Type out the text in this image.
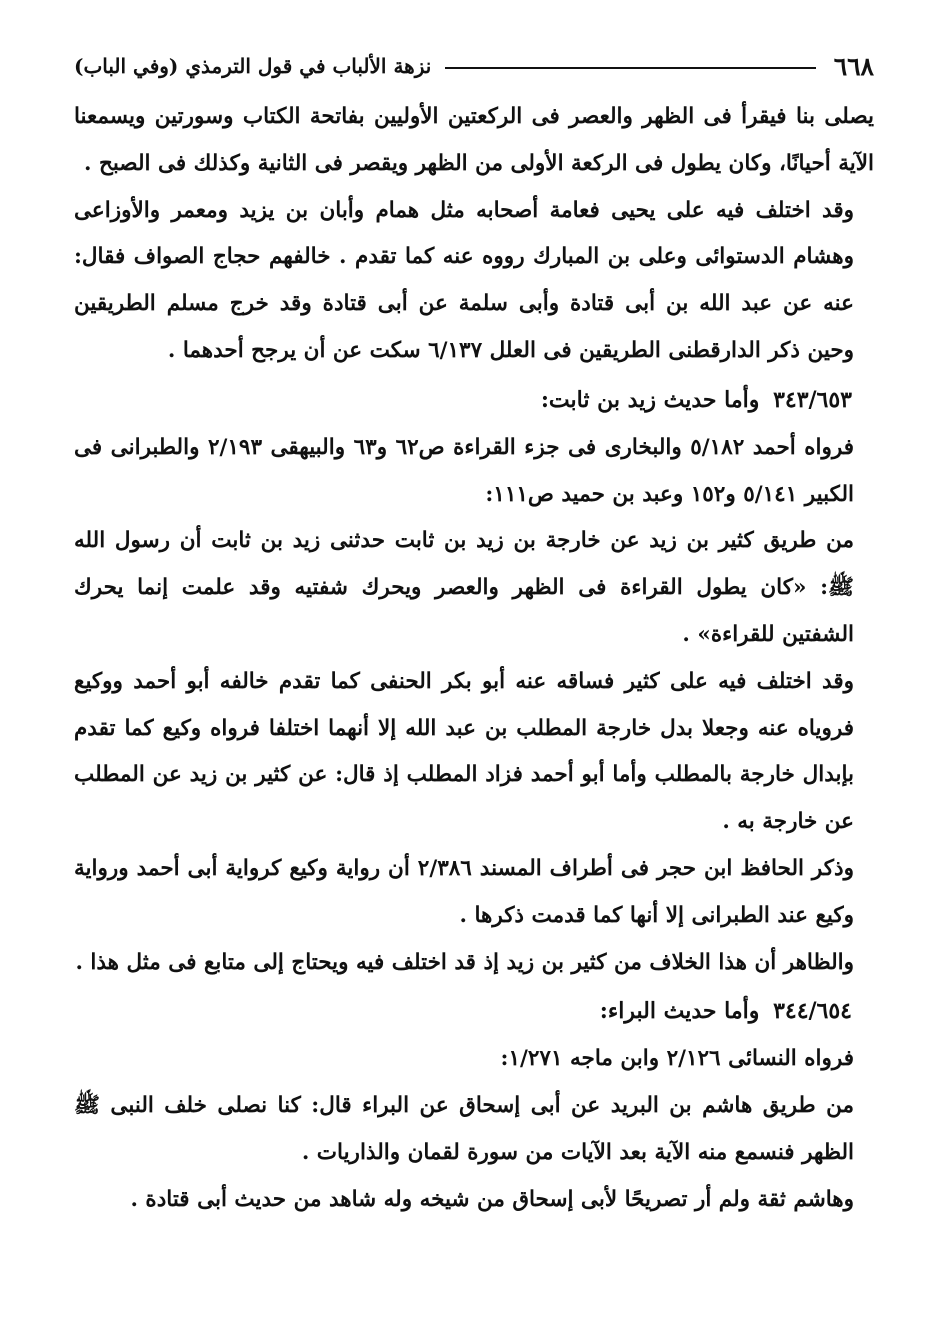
٦٦٨
نزهة الألباب في قول الترمذي (وفي الباب)

يصلى بنا فيقرأ فى الظهر والعصر فى الركعتين الأوليين بفاتحة الكتاب وسورتين ويسمعنا الآية أحيانًا، وكان يطول فى الركعة الأولى من الظهر ويقصر فى الثانية وكذلك فى الصبح .

وقد اختلف فيه على يحيى فعامة أصحابه مثل همام وأبان بن يزيد ومعمر والأوزاعى وهشام الدستوائى وعلى بن المبارك رووه عنه كما تقدم . خالفهم حجاج الصواف فقال: عنه عن عبد الله بن أبى قتادة وأبى سلمة عن أبى قتادة وقد خرج مسلم الطريقين وحين ذكر الدارقطنى الطريقين فى العلل ٦/١٣٧ سكت عن أن يرجح أحدهما .

٣٤٣/٦٥٣ وأما حديث زيد بن ثابت:

فرواه أحمد ٥/١٨٢ والبخارى فى جزء القراءة ص٦٢ و٦٣ والبيهقى ٢/١٩٣ والطبرانى فى الكبير ٥/١٤١ و١٥٢ وعبد بن حميد ص١١١:

من طريق كثير بن زيد عن خارجة بن زيد بن ثابت حدثنى زيد بن ثابت أن رسول الله ﷺ: «كان يطول القراءة فى الظهر والعصر ويحرك شفتيه وقد علمت إنما يحرك الشفتين للقراءة» .

وقد اختلف فيه على كثير فساقه عنه أبو بكر الحنفى كما تقدم خالفه أبو أحمد ووكيع فروياه عنه وجعلا بدل خارجة المطلب بن عبد الله إلا أنهما اختلفا فرواه وكيع كما تقدم بإبدال خارجة بالمطلب وأما أبو أحمد فزاد المطلب إذ قال: عن كثير بن زيد عن المطلب عن خارجة به .

وذكر الحافظ ابن حجر فى أطراف المسند ٢/٣٨٦ أن رواية وكيع كرواية أبى أحمد ورواية وكيع عند الطبرانى إلا أنها كما قدمت ذكرها .

والظاهر أن هذا الخلاف من كثير بن زيد إذ قد اختلف فيه ويحتاج إلى متابع فى مثل هذا .

٣٤٤/٦٥٤ وأما حديث البراء:

فرواه النسائى ٢/١٢٦ وابن ماجه ١/٢٧١:

من طريق هاشم بن البريد عن أبى إسحاق عن البراء قال: كنا نصلى خلف النبى ﷺ الظهر فنسمع منه الآية بعد الآيات من سورة لقمان والذاريات .

وهاشم ثقة ولم أر تصريحًا لأبى إسحاق من شيخه وله شاهد من حديث أبى قتادة .
